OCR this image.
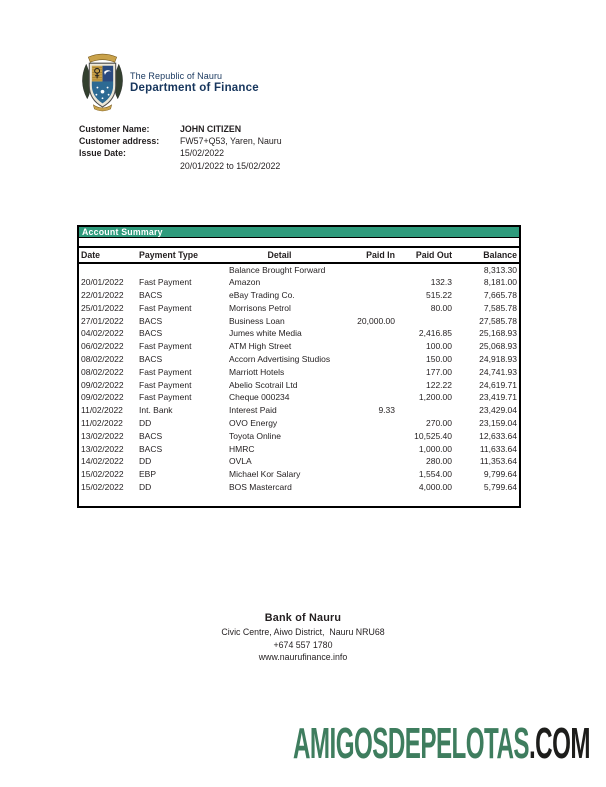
The Republic of Nauru
Department of Finance
Customer Name:	JOHN CITIZEN
Customer address:	FW57+Q53, Yaren, Nauru
Issue Date:	15/02/2022
20/01/2022 to 15/02/2022
Account Summary
Date	Payment Type	Detail	Paid In	Paid Out	Balance
		Balance Brought Forward			8,313.30
20/01/2022	Fast Payment	Amazon		132.3	8,181.00
22/01/2022	BACS	eBay Trading Co.		515.22	7,665.78
25/01/2022	Fast Payment	Morrisons Petrol		80.00	7,585.78
27/01/2022	BACS	Business Loan	20,000.00		27,585.78
04/02/2022	BACS	Jumes white Media		2,416.85	25,168.93
06/02/2022	Fast Payment	ATM High Street		100.00	25,068.93
08/02/2022	BACS	Accorn Advertising Studios		150.00	24,918.93
08/02/2022	Fast Payment	Marriott Hotels		177.00	24,741.93
09/02/2022	Fast Payment	Abelio Scotrail Ltd		122.22	24,619.71
09/02/2022	Fast Payment	Cheque 000234		1,200.00	23,419.71
11/02/2022	Int. Bank	Interest Paid	9.33		23,429.04
11/02/2022	DD	OVO Energy		270.00	23,159.04
13/02/2022	BACS	Toyota Online		10,525.40	12,633.64
13/02/2022	BACS	HMRC		1,000.00	11,633.64
14/02/2022	DD	OVLA		280.00	11,353.64
15/02/2022	EBP	Michael Kor Salary		1,554.00	9,799.64
15/02/2022	DD	BOS Mastercard		4,000.00	5,799.64
Bank of Nauru
Civic Centre, Aiwo District,  Nauru NRU68
+674 557 1780
www.naurufinance.info
AMIGOSDEPELOTAS.COM
